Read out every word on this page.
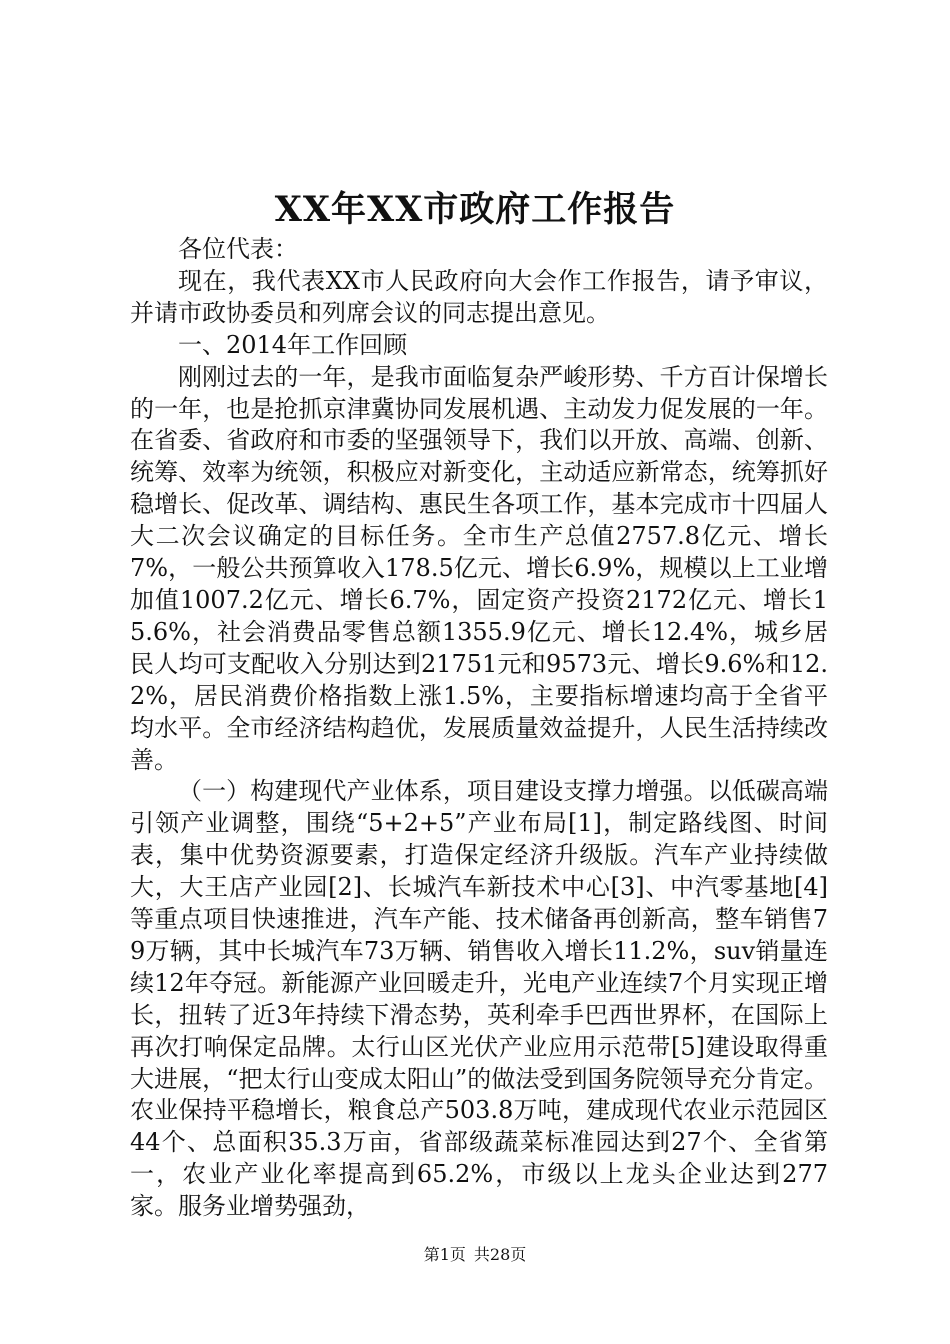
XX年XX市政府工作报告

各位代表：

现在，我代表XX市人民政府向大会作工作报告，请予审议，并请市政协委员和列席会议的同志提出意见。

一、2014年工作回顾

刚刚过去的一年，是我市面临复杂严峻形势、千方百计保增长的一年，也是抢抓京津冀协同发展机遇、主动发力促发展的一年。在省委、省政府和市委的坚强领导下，我们以开放、高端、创新、统筹、效率为统领，积极应对新变化，主动适应新常态，统筹抓好稳增长、促改革、调结构、惠民生各项工作，基本完成市十四届人大二次会议确定的目标任务。全市生产总值2757.8亿元、增长7%，一般公共预算收入178.5亿元、增长6.9%，规模以上工业增加值1007.2亿元、增长6.7%，固定资产投资2172亿元、增长15.6%，社会消费品零售总额1355.9亿元、增长12.4%，城乡居民人均可支配收入分别达到21751元和9573元、增长9.6%和12.2%，居民消费价格指数上涨1.5%，主要指标增速均高于全省平均水平。全市经济结构趋优，发展质量效益提升，人民生活持续改善。

（一）构建现代产业体系，项目建设支撑力增强。以低碳高端引领产业调整，围绕“5+2+5”产业布局[1]，制定路线图、时间表，集中优势资源要素，打造保定经济升级版。汽车产业持续做大，大王店产业园[2]、长城汽车新技术中心[3]、中汽零基地[4]等重点项目快速推进，汽车产能、技术储备再创新高，整车销售79万辆，其中长城汽车73万辆、销售收入增长11.2%，suv销量连续12年夺冠。新能源产业回暖走升，光电产业连续7个月实现正增长，扭转了近3年持续下滑态势，英利牵手巴西世界杯，在国际上再次打响保定品牌。太行山区光伏产业应用示范带[5]建设取得重大进展，“把太行山变成太阳山”的做法受到国务院领导充分肯定。农业保持平稳增长，粮食总产503.8万吨，建成现代农业示范园区44个、总面积35.3万亩，省部级蔬菜标准园达到27个、全省第一，农业产业化率提高到65.2%，市级以上龙头企业达到277家。服务业增势强劲，

第1页 共28页
